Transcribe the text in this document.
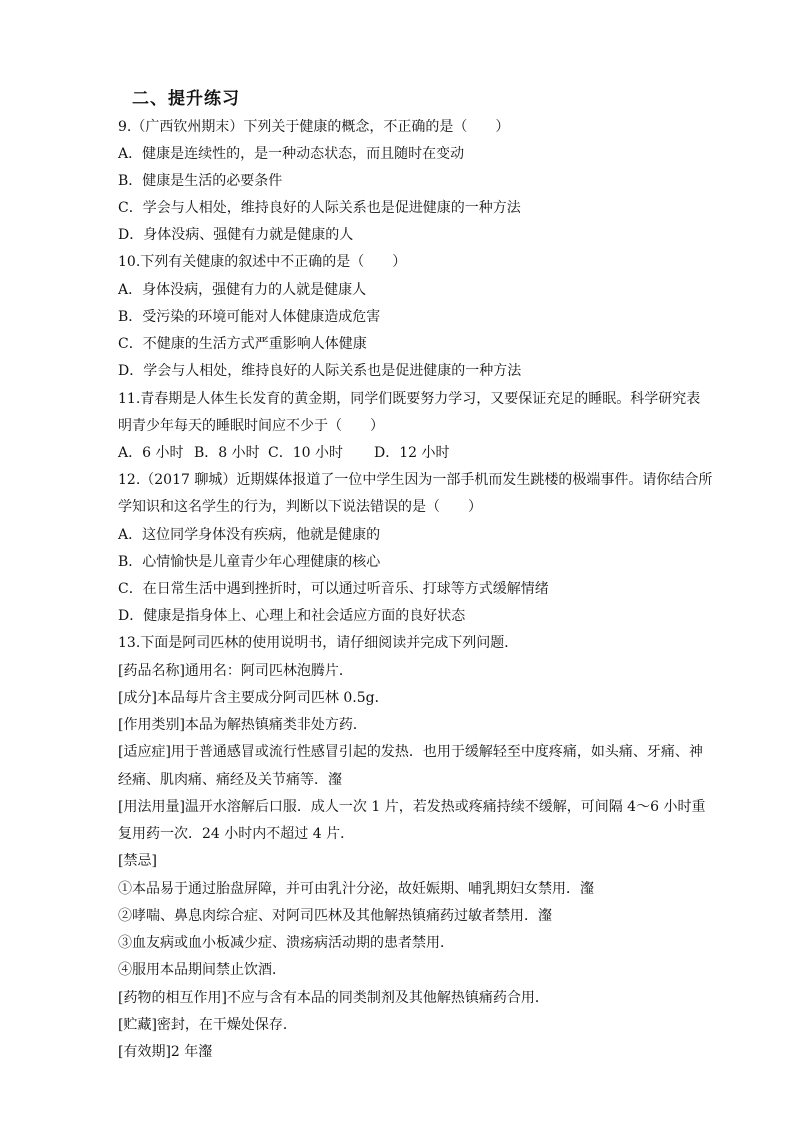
二、提升练习
9.（广西钦州期末）下列关于健康的概念，不正确的是（　　）
A．健康是连续性的，是一种动态状态，而且随时在变动
B．健康是生活的必要条件
C．学会与人相处，维持良好的人际关系也是促进健康的一种方法
D．身体没病、强健有力就是健康的人
10.下列有关健康的叙述中不正确的是（　　）
A．身体没病，强健有力的人就是健康人
B．受污染的环境可能对人体健康造成危害
C．不健康的生活方式严重影响人体健康
D．学会与人相处，维持良好的人际关系也是促进健康的一种方法
11.青春期是人体生长发育的黄金期，同学们既要努力学习，又要保证充足的睡眠。科学研究表
明青少年每天的睡眠时间应不少于（　　）
A．6 小时 B．8 小时 C．10 小时 D．12 小时
12.（2017 聊城）近期媒体报道了一位中学生因为一部手机而发生跳楼的极端事件。请你结合所
学知识和这名学生的行为，判断以下说法错误的是（　　）
A．这位同学身体没有疾病，他就是健康的
B．心情愉快是儿童青少年心理健康的核心
C．在日常生活中遇到挫折时，可以通过听音乐、打球等方式缓解情绪
D．健康是指身体上、心理上和社会适应方面的良好状态
13.下面是阿司匹林的使用说明书，请仔细阅读并完成下列问题．
[药品名称]通用名：阿司匹林泡腾片．
[成分]本品每片含主要成分阿司匹林 0.5g．
[作用类别]本品为解热镇痛类非处方药．
[适应症]用于普通感冒或流行性感冒引起的发热．也用于缓解轻至中度疼痛，如头痛、牙痛、神
经痛、肌肉痛、痛经及关节痛等．瀣
[用法用量]温开水溶解后口服．成人一次 1 片，若发热或疼痛持续不缓解，可间隔 4～6 小时重
复用药一次．24 小时内不超过 4 片．
[禁忌]
①本品易于通过胎盘屏障，并可由乳汁分泌，故妊娠期、哺乳期妇女禁用．瀣
②哮喘、鼻息肉综合症、对阿司匹林及其他解热镇痛药过敏者禁用．瀣
③血友病或血小板减少症、溃疡病活动期的患者禁用．
④服用本品期间禁止饮酒．
[药物的相互作用]不应与含有本品的同类制剂及其他解热镇痛药合用．
[贮藏]密封，在干燥处保存．
[有效期]2 年瀣
